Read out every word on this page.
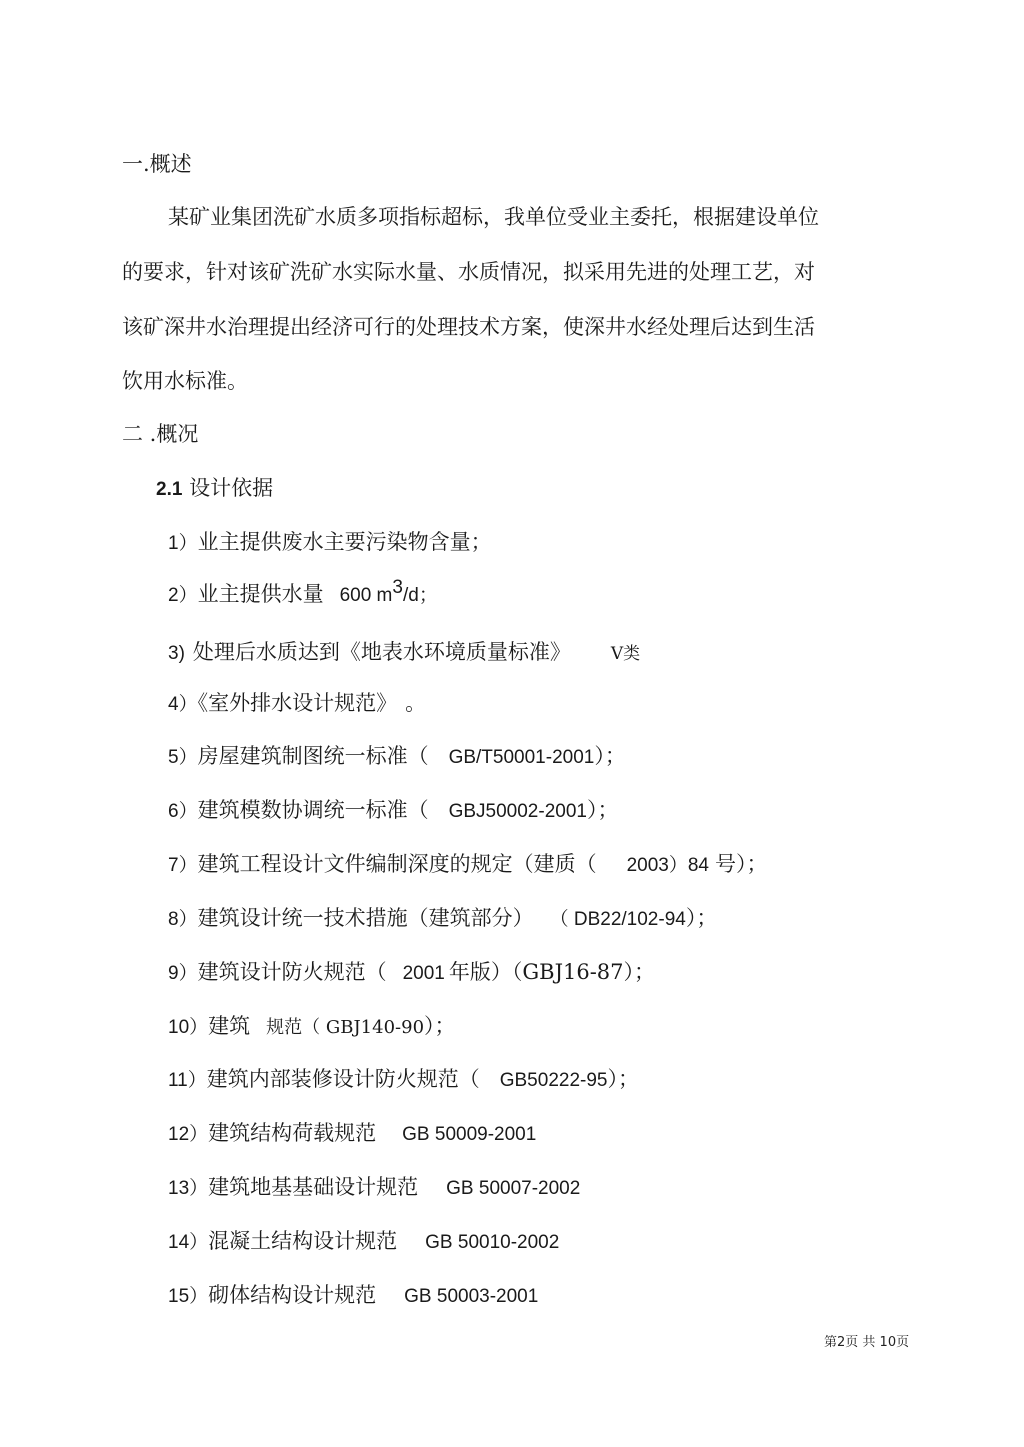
一.概述
某矿业集团洗矿水质多项指标超标，我单位受业主委托，根据建设单位
的要求，针对该矿洗矿水实际水量、水质情况，拟采用先进的处理工艺，对
该矿深井水治理提出经济可行的处理技术方案，使深井水经处理后达到生活
饮用水标准。
二 .概况
2.1 设计依据
1）业主提供废水主要污染物含量；
2）业主提供水量 600 $m^3/d$；
3) 处理后水质达到《地表水环境质量标准》 V类
4）《室外排水设计规范》 。
5）房屋建筑制图统一标准（ GB/T50001-2001）；
6）建筑模数协调统一标准（ GBJ50002-2001）；
7）建筑工程设计文件编制深度的规定（建质（ 2003）84 号）；
8）建筑设计统一技术措施（建筑部分） （ DB22/102-94）；
9）建筑设计防火规范（ 2001 年版）（GBJ16-87）；
10）建筑 规范（ GBJ140-90）；
11）建筑内部装修设计防火规范（ GB50222-95）；
12）建筑结构荷载规范 GB 50009-2001
13）建筑地基基础设计规范 GB 50007-2002
14）混凝土结构设计规范 GB 50010-2002
15）砌体结构设计规范 GB 50003-2001
第2页 共 10页
